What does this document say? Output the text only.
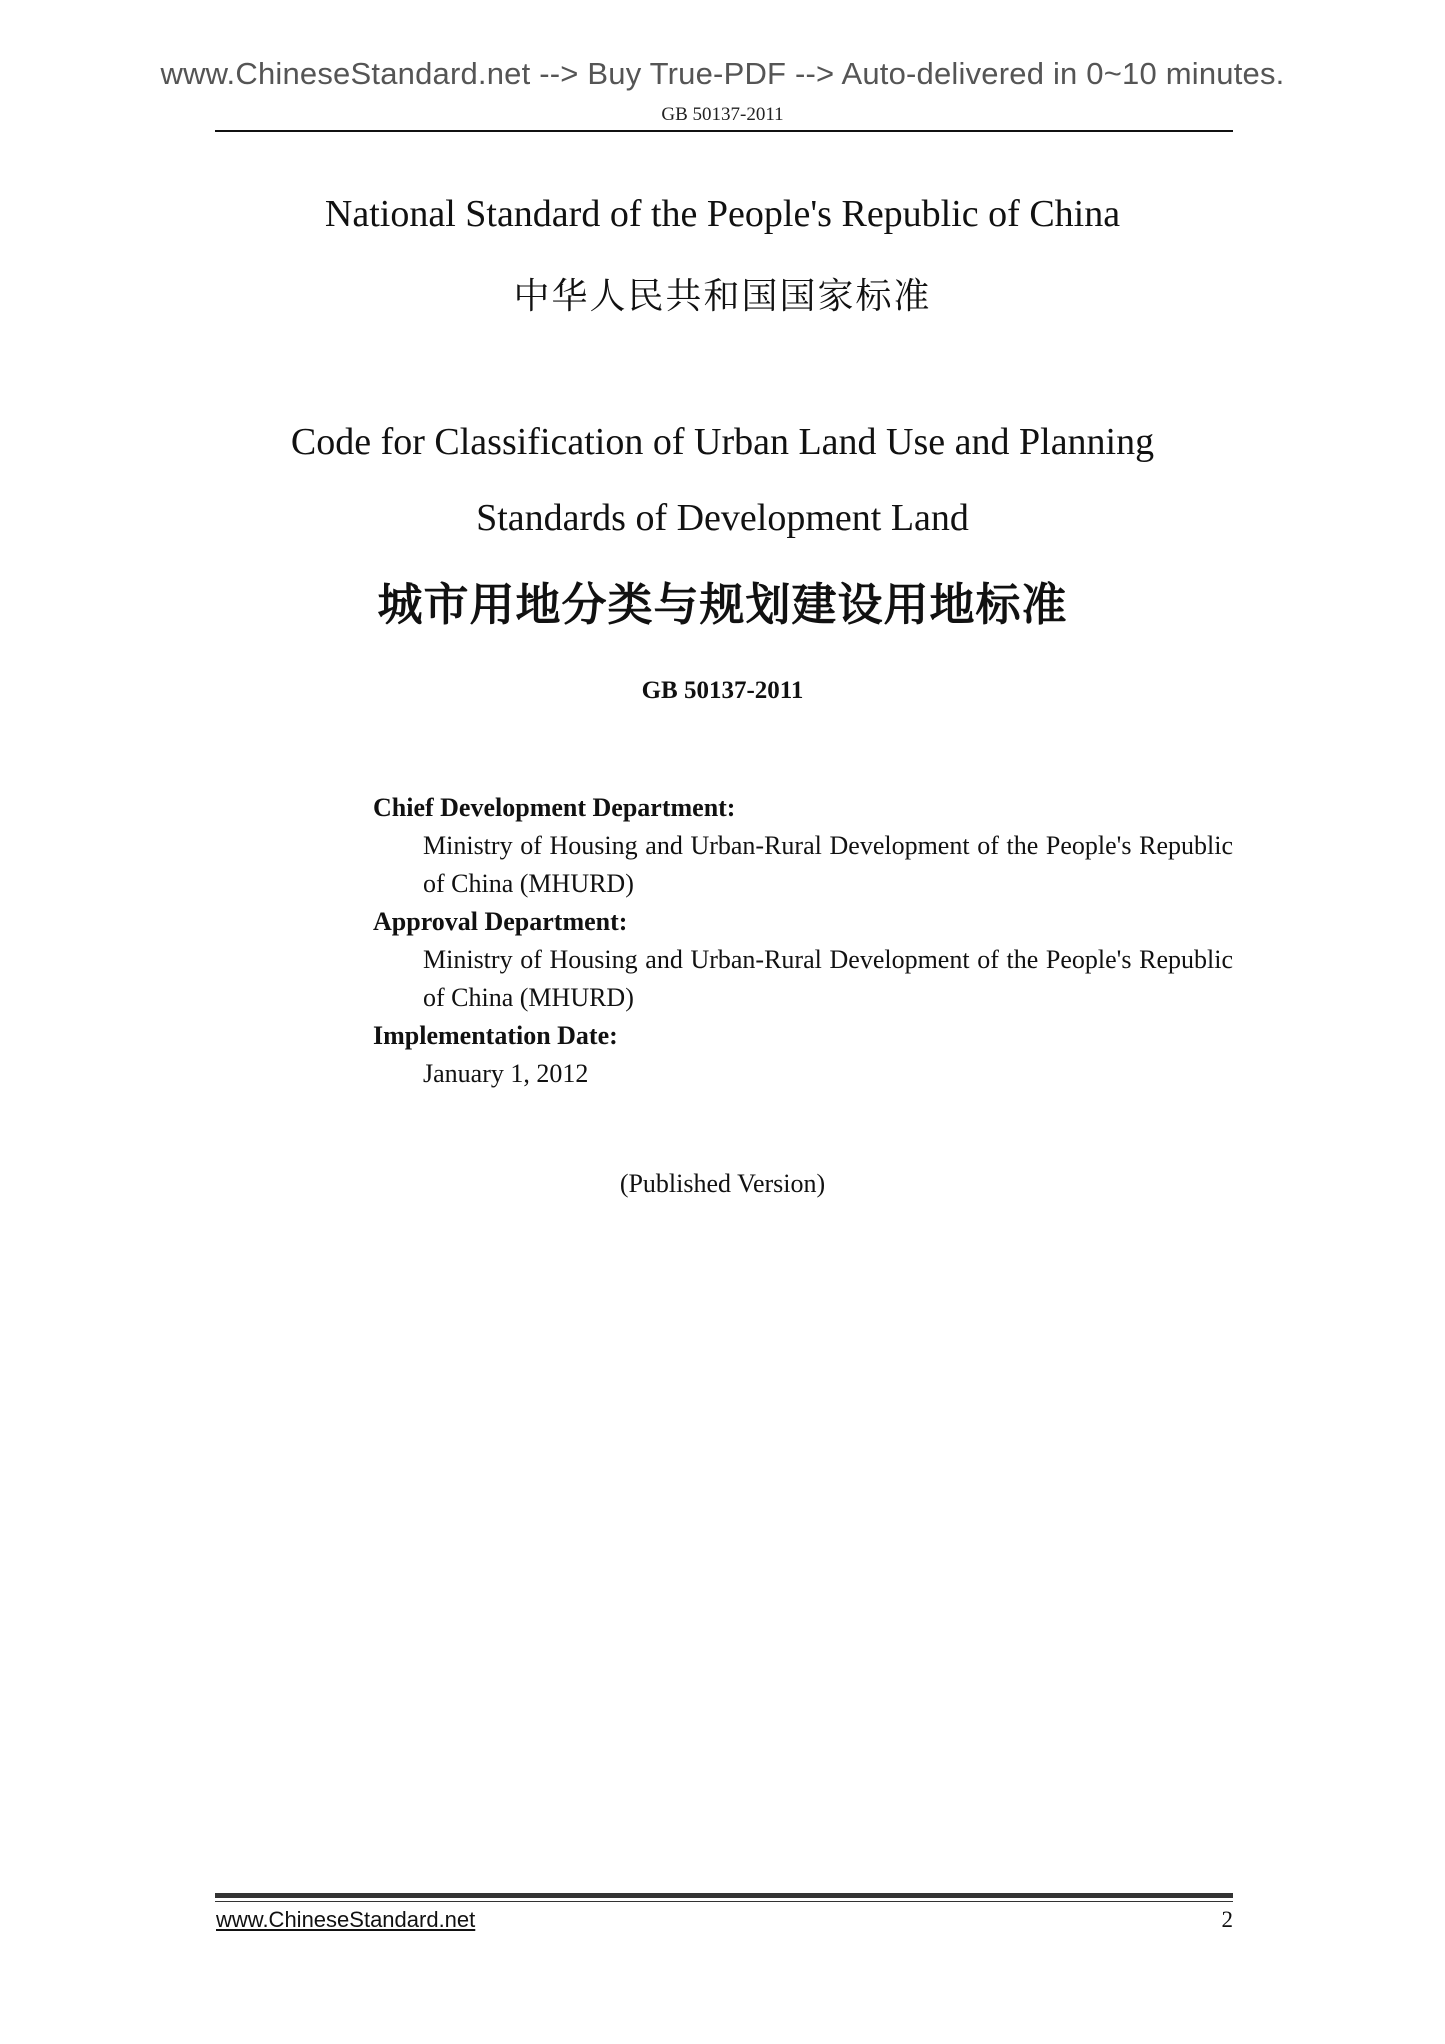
www.ChineseStandard.net --> Buy True-PDF --> Auto-delivered in 0~10 minutes.
GB 50137-2011
National Standard of the People's Republic of China
中华人民共和国国家标准
Code for Classification of Urban Land Use and Planning
Standards of Development Land
城市用地分类与规划建设用地标准
GB 50137-2011
Chief Development Department:
Ministry of Housing and Urban-Rural Development of the People's Republic of China (MHURD)
Approval Department:
Ministry of Housing and Urban-Rural Development of the People's Republic of China (MHURD)
Implementation Date:
January 1, 2012
(Published Version)
www.ChineseStandard.net	2
